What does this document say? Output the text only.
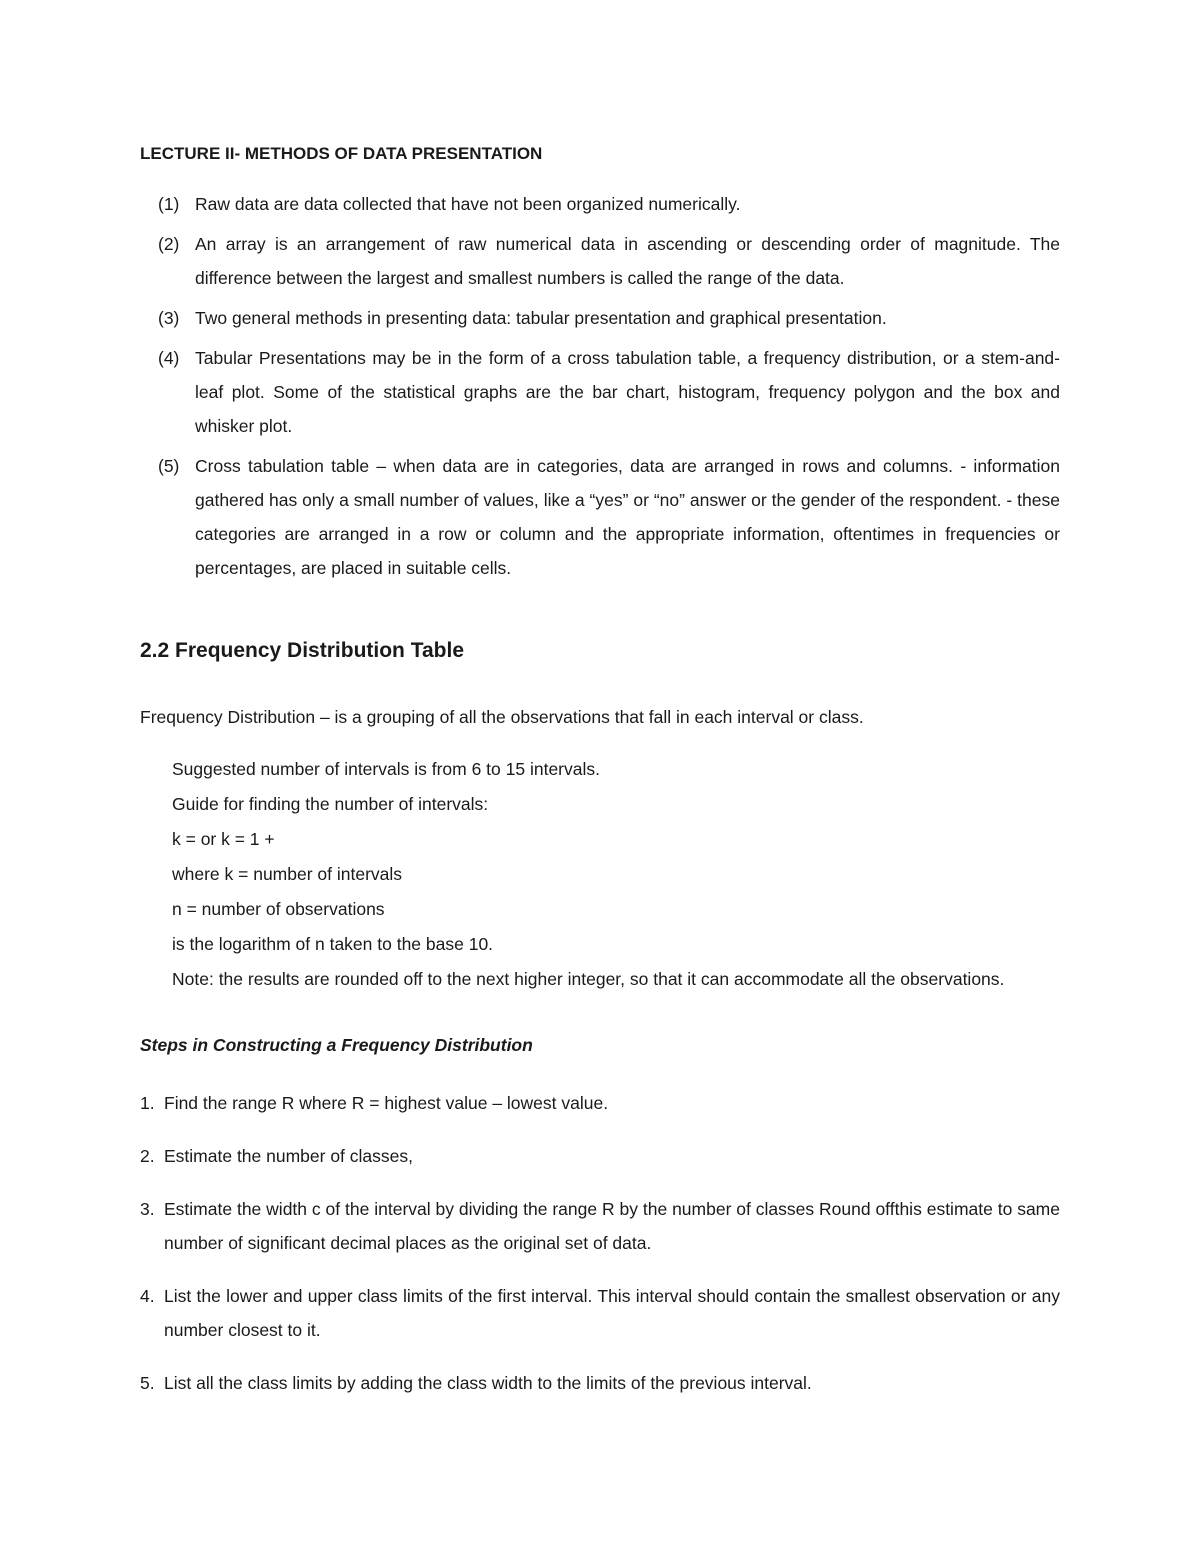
LECTURE II- METHODS OF DATA PRESENTATION
(1) Raw data are data collected that have not been organized numerically.
(2) An array is an arrangement of raw numerical data in ascending or descending order of magnitude. The difference between the largest and smallest numbers is called the range of the data.
(3) Two general methods in presenting data: tabular presentation and graphical presentation.
(4) Tabular Presentations may be in the form of a cross tabulation table, a frequency distribution, or a stem-and-leaf plot. Some of the statistical graphs are the bar chart, histogram, frequency polygon and the box and whisker plot.
(5) Cross tabulation table – when data are in categories, data are arranged in rows and columns. - information gathered has only a small number of values, like a “yes” or “no” answer or the gender of the respondent. - these categories are arranged in a row or column and the appropriate information, oftentimes in frequencies or percentages, are placed in suitable cells.
2.2 Frequency Distribution Table
Frequency Distribution – is a grouping of all the observations that fall in each interval or class.
Suggested number of intervals is from 6 to 15 intervals.
Guide for finding the number of intervals:
k = or k = 1 +
where k = number of intervals
n = number of observations
is the logarithm of n taken to the base 10.
Note: the results are rounded off to the next higher integer, so that it can accommodate all the observations.
Steps in Constructing a Frequency Distribution
1. Find the range R where R = highest value – lowest value.
2. Estimate the number of classes,
3. Estimate the width c of the interval by dividing the range R by the number of classes Round offthis estimate to same number of significant decimal places as the original set of data.
4. List the lower and upper class limits of the first interval. This interval should contain the smallest observation or any number closest to it.
5. List all the class limits by adding the class width to the limits of the previous interval.
